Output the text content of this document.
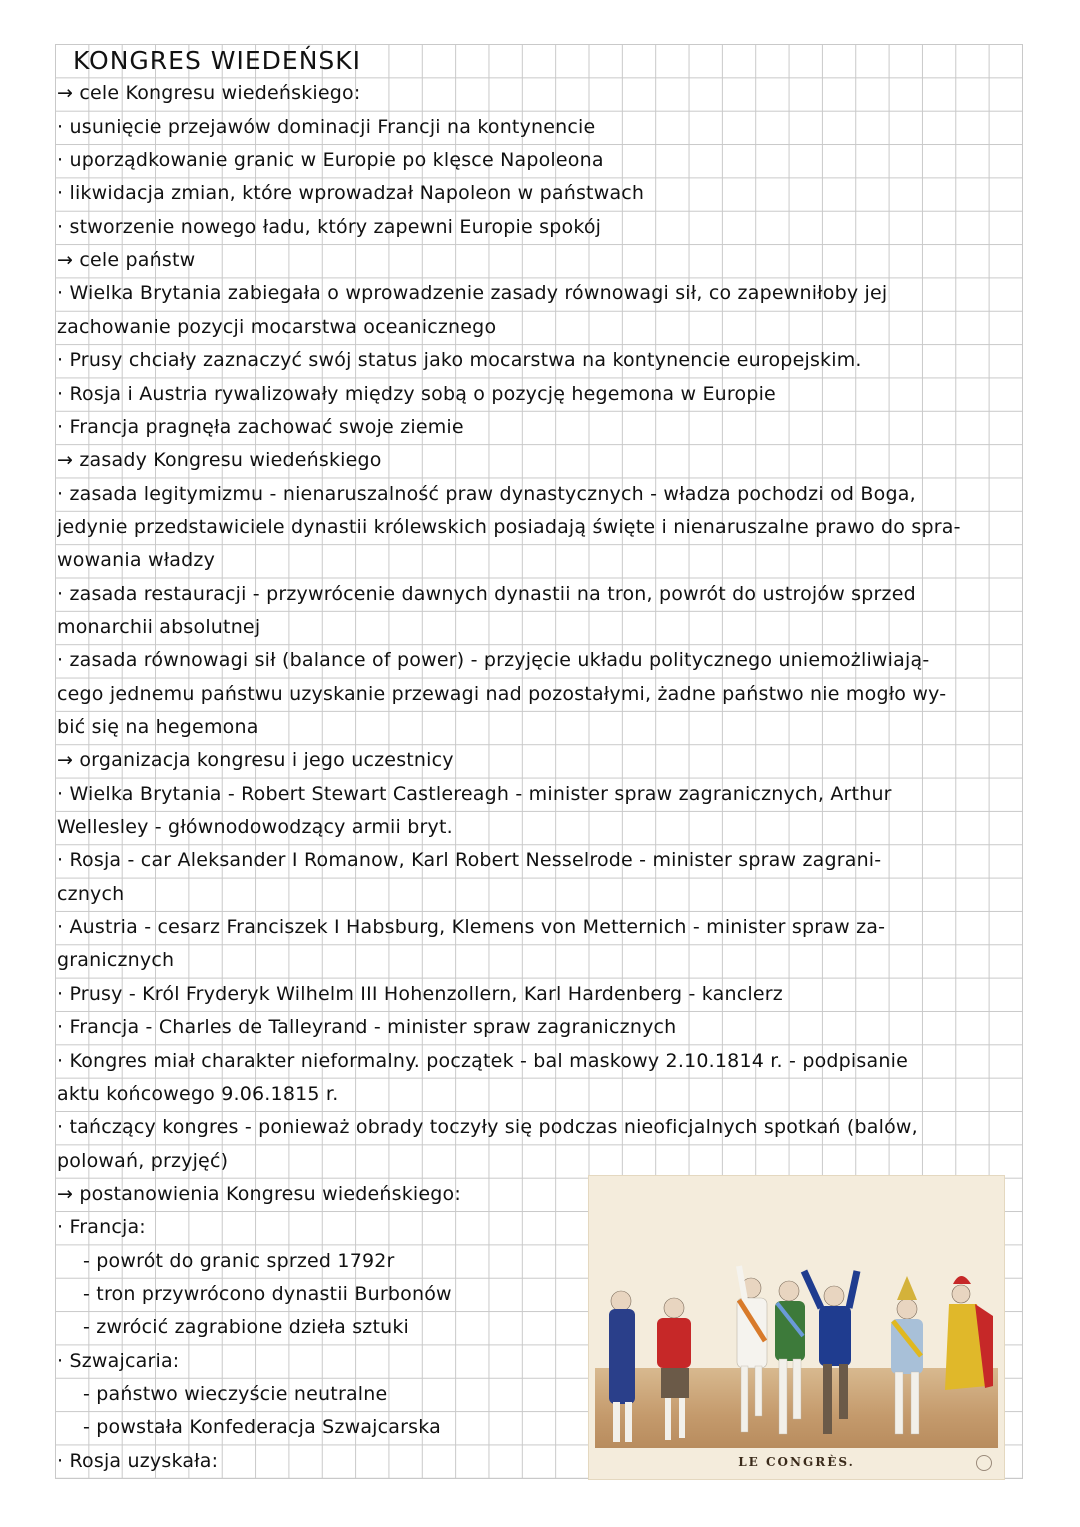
KONGRES WIEDEŃSKI
→ cele Kongresu wiedeńskiego:
· usunięcie przejawów dominacji Francji na kontynencie
· uporządkowanie granic w Europie po klęsce Napoleona
· likwidacja zmian, które wprowadzał Napoleon w państwach
· stworzenie nowego ładu, który zapewni Europie spokój
→ cele państw
· Wielka Brytania zabiegała o wprowadzenie zasady równowagi sił, co zapewniłoby jej
zachowanie pozycji mocarstwa oceanicznego
· Prusy chciały zaznaczyć swój status jako mocarstwa na kontynencie europejskim.
· Rosja i Austria rywalizowały między sobą o pozycję hegemona w Europie
· Francja pragnęła zachować swoje ziemie
→ zasady Kongresu wiedeńskiego
· zasada legitymizmu - nienaruszalność praw dynastycznych - władza pochodzi od Boga,
jedynie przedstawiciele dynastii królewskich posiadają święte i nienaruszalne prawo do spra-
wowania władzy
· zasada restauracji - przywrócenie dawnych dynastii na tron, powrót do ustrojów sprzed
monarchii absolutnej
· zasada równowagi sił (balance of power) - przyjęcie układu politycznego uniemożliwiają-
cego jednemu państwu uzyskanie przewagi nad pozostałymi, żadne państwo nie mogło wy-
bić się na hegemona
→ organizacja kongresu i jego uczestnicy
· Wielka Brytania - Robert Stewart Castlereagh - minister spraw zagranicznych, Arthur
Wellesley - głównodowodzący armii bryt.
· Rosja - car Aleksander I Romanow, Karl Robert Nesselrode - minister spraw zagrani-
cznych
· Austria - cesarz Franciszek I Habsburg, Klemens von Metternich - minister spraw za-
granicznych
· Prusy - Król Fryderyk Wilhelm III Hohenzollern, Karl Hardenberg - kanclerz
· Francja - Charles de Talleyrand - minister spraw zagranicznych
· Kongres miał charakter nieformalny. początek - bal maskowy 2.10.1814 r. - podpisanie
aktu końcowego 9.06.1815 r.
· tańczący kongres - ponieważ obrady toczyły się podczas nieoficjalnych spotkań (balów,
polowań, przyjęć)
→ postanowienia Kongresu wiedeńskiego:
· Francja:
- powrót do granic sprzed 1792r
- tron przywrócono dynastii Burbonów
- zwrócić zagrabione dzieła sztuki
· Szwajcaria:
- państwo wieczyście neutralne
- powstała Konfederacja Szwajcarska
· Rosja uzyskała:	LE CONGRÈS.
